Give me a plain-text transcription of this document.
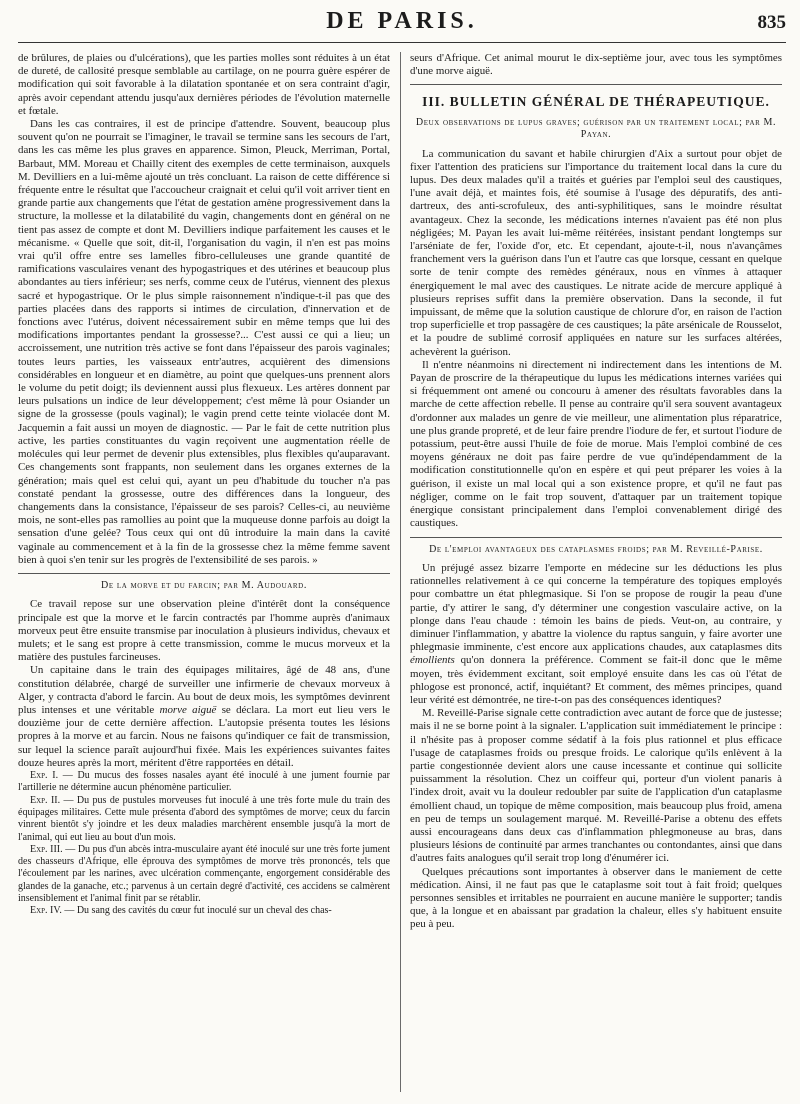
DE PARIS.	835

de brûlures, de plaies ou d'ulcérations), que les parties molles sont réduites à un état de dureté, de callosité presque semblable au cartilage, on ne pourra guère espérer de modification qui soit favorable à la dilatation spontanée et on sera contraint d'agir, après avoir cependant attendu jusqu'aux dernières périodes de l'évolution maternelle et fœtale.

Dans les cas contraires, il est de principe d'attendre. Souvent, beaucoup plus souvent qu'on ne pourrait se l'imaginer, le travail se termine sans les secours de l'art, dans les cas même les plus graves en apparence. Simon, Pleuck, Merriman, Portal, Barbaut, MM. Moreau et Chailly citent des exemples de cette terminaison, auxquels M. Devilliers en a lui-même ajouté un très concluant. La raison de cette différence si fréquente entre le résultat que l'accoucheur craignait et celui qu'il voit arriver tient en grande partie aux changements que l'état de gestation amène progressivement dans la structure, la mollesse et la dilatabilité du vagin, changements dont en général on ne tient pas assez de compte et dont M. Devilliers indique parfaitement les causes et le mécanisme. « Quelle que soit, dit-il, l'organisation du vagin, il n'en est pas moins vrai qu'il offre entre ses lamelles fibro-celluleuses une grande quantité de ramifications vasculaires venant des hypogastriques et des utérines et beaucoup plus abondantes au tiers inférieur; ses nerfs, comme ceux de l'utérus, viennent des plexus sacré et hypogastrique. Or le plus simple raisonnement n'indique-t-il pas que des parties placées dans des rapports si intimes de circulation, d'innervation et de fonctions avec l'utérus, doivent nécessairement subir en même temps que lui des modifications importantes pendant la grossesse?... C'est aussi ce qui a lieu; un accroissement, une nutrition très active se font dans l'épaisseur des parois vaginales; toutes leurs parties, les vaisseaux entr'autres, acquièrent des dimensions considérables en longueur et en diamètre, au point que quelques-uns prennent alors le volume du petit doigt; ils deviennent aussi plus flexueux. Les artères donnent par leurs pulsations un indice de leur développement; c'est même là pour Osiander un signe de la grossesse (pouls vaginal); le vagin prend cette teinte violacée dont M. Jacquemin a fait aussi un moyen de diagnostic. — Par le fait de cette nutrition plus active, les parties constituantes du vagin reçoivent une augmentation réelle de molécules qui leur permet de devenir plus extensibles, plus flexibles qu'auparavant. Ces changements sont frappants, non seulement dans les organes externes de la génération; mais quel est celui qui, ayant un peu d'habitude du toucher n'a pas constaté pendant la grossesse, outre des différences dans la longueur, des changements dans la consistance, l'épaisseur de ses parois? Celles-ci, au neuvième mois, ne sont-elles pas ramollies au point que la muqueuse donne parfois au doigt la sensation d'une gelée? Tous ceux qui ont dû introduire la main dans la cavité vaginale au commencement et à la fin de la grossesse chez la même femme savent bien à quoi s'en tenir sur les progrès de l'extensibilité de ses parois. »

De la morve et du farcin; par M. Audouard.

Ce travail repose sur une observation pleine d'intérêt dont la conséquence principale est que la morve et le farcin contractés par l'homme auprès d'animaux morveux peut être ensuite transmise par inoculation à plusieurs individus, chevaux et mulets; et le sang est propre à cette transmission, comme le mucus morveux et la matière des pustules farcineuses.

Un capitaine dans le train des équipages militaires, âgé de 48 ans, d'une constitution délabrée, chargé de surveiller une infirmerie de chevaux morveux à Alger, y contracta d'abord le farcin. Au bout de deux mois, les symptômes devinrent plus intenses et une véritable morve aiguë se déclara. La mort eut lieu vers le douzième jour de cette dernière affection. L'autopsie présenta toutes les lésions propres à la morve et au farcin. Nous ne faisons qu'indiquer ce fait de transmission, sur lequel la science paraît aujourd'hui fixée. Mais les expériences suivantes faites douze heures après la mort, méritent d'être rapportées en détail.

Exp. I. — Du mucus des fosses nasales ayant été inoculé à une jument fournie par l'artillerie ne détermine aucun phénomène particulier.

Exp. II. — Du pus de pustules morveuses fut inoculé à une très forte mule du train des équipages militaires. Cette mule présenta d'abord des symptômes de morve; ceux du farcin vinrent bientôt s'y joindre et les deux maladies marchèrent ensemble jusqu'à la mort de l'animal, qui eut lieu au bout d'un mois.

Exp. III. — Du pus d'un abcès intra-musculaire ayant été inoculé sur une très forte jument des chasseurs d'Afrique, elle éprouva des symptômes de morve très prononcés, tels que l'écoulement par les narines, avec ulcération commençante, engorgement considérable des glandes de la ganache, etc.; parvenus à un certain degré d'activité, ces accidens se calmèrent insensiblement et l'animal finit par se rétablir.

Exp. IV. — Du sang des cavités du cœur fut inoculé sur un cheval des chas-

seurs d'Afrique. Cet animal mourut le dix-septième jour, avec tous les symptômes d'une morve aiguë.

III. BULLETIN GÉNÉRAL DE THÉRAPEUTIQUE.
Deux observations de lupus graves; guérison par un traitement local; par M. Payan.

La communication du savant et habile chirurgien d'Aix a surtout pour objet de fixer l'attention des praticiens sur l'importance du traitement local dans la cure du lupus. Des deux malades qu'il a traités et guéries par l'emploi seul des caustiques, l'une avait déjà, et maintes fois, été soumise à l'usage des dépuratifs, des anti-dartreux, des anti-scrofuleux, des anti-syphilitiques, sans le moindre résultat avantageux. Chez la seconde, les médications internes n'avaient pas été non plus négligées; M. Payan les avait lui-même réitérées, insistant pendant longtemps sur l'arséniate de fer, l'oxide d'or, etc. Et cependant, ajoute-t-il, nous n'avançâmes franchement vers la guérison dans l'un et l'autre cas que lorsque, cessant en quelque sorte de tenir compte des remèdes généraux, nous en vînmes à attaquer énergiquement le mal avec des caustiques. Le nitrate acide de mercure appliqué à plusieurs reprises suffit dans la première observation. Dans la seconde, il fut impuissant, de même que la solution caustique de chlorure d'or, en raison de l'action trop superficielle et trop passagère de ces caustiques; la pâte arsénicale de Rousselot, et la poudre de sublimé corrosif appliquées en nature sur les surfaces altérées, achevèrent la guérison.

Il n'entre néanmoins ni directement ni indirectement dans les intentions de M. Payan de proscrire de la thérapeutique du lupus les médications internes variées qui si fréquemment ont amené ou concouru à amener des résultats favorables dans la marche de cette affection rebelle. Il pense au contraire qu'il sera souvent avantageux d'ordonner aux malades un genre de vie meilleur, une alimentation plus réparatrice, une plus grande propreté, et de leur faire prendre l'iodure de fer, et surtout l'iodure de potassium, peut-être aussi l'huile de foie de morue. Mais l'emploi combiné de ces moyens généraux ne doit pas faire perdre de vue qu'indépendamment de la modification constitutionnelle qu'on en espère et qui peut préparer les voies à la guérison, il existe un mal local qui a son existence propre, et qu'il ne faut pas négliger, comme on le fait trop souvent, d'attaquer par un traitement topique énergique consistant principalement dans l'emploi convenablement dirigé des caustiques.

De l'emploi avantageux des cataplasmes froids; par M. Reveillé-Parise.

Un préjugé assez bizarre l'emporte en médecine sur les déductions les plus rationnelles relativement à ce qui concerne la température des topiques employés pour combattre un état phlegmasique. Si l'on se propose de rougir la peau d'une partie, d'y attirer le sang, d'y déterminer une congestion vasculaire active, on la plonge dans l'eau chaude : témoin les bains de pieds. Veut-on, au contraire, y diminuer l'inflammation, y abattre la violence du raptus sanguin, y faire avorter une phlegmasie imminente, c'est encore aux applications chaudes, aux cataplasmes dits émollients qu'on donnera la préférence. Comment se fait-il donc que le même moyen, très évidemment excitant, soit employé ensuite dans les cas où l'état de phlogose est prononcé, actif, inquiétant? Et comment, des mêmes principes, quand leur vérité est démontrée, ne tire-t-on pas des conséquences identiques?

M. Reveillé-Parise signale cette contradiction avec autant de force que de justesse; mais il ne se borne point à la signaler. L'application suit immédiatement le principe : il n'hésite pas à proposer comme sédatif à la fois plus rationnel et plus efficace l'usage de cataplasmes froids ou presque froids. Le calorique qu'ils enlèvent à la partie congestionnée devient alors une cause incessante et continue qui sollicite puissamment la résolution. Chez un coiffeur qui, porteur d'un violent panaris à l'index droit, avait vu la douleur redoubler par suite de l'application d'un cataplasme émollient chaud, un topique de même composition, mais beaucoup plus froid, amena en peu de temps un soulagement marqué. M. Reveillé-Parise a obtenu des effets aussi encourageans dans deux cas d'inflammation phlegmoneuse au bras, dans plusieurs lésions de continuité par armes tranchantes ou contondantes, ainsi que dans d'autres faits analogues qu'il serait trop long d'énumérer ici.

Quelques précautions sont importantes à observer dans le maniement de cette médication. Ainsi, il ne faut pas que le cataplasme soit tout à fait froid; quelques personnes sensibles et irritables ne pourraient en aucune manière le supporter; tandis que, à la longue et en abaissant par gradation la chaleur, elles s'y habituent ensuite peu à peu.
